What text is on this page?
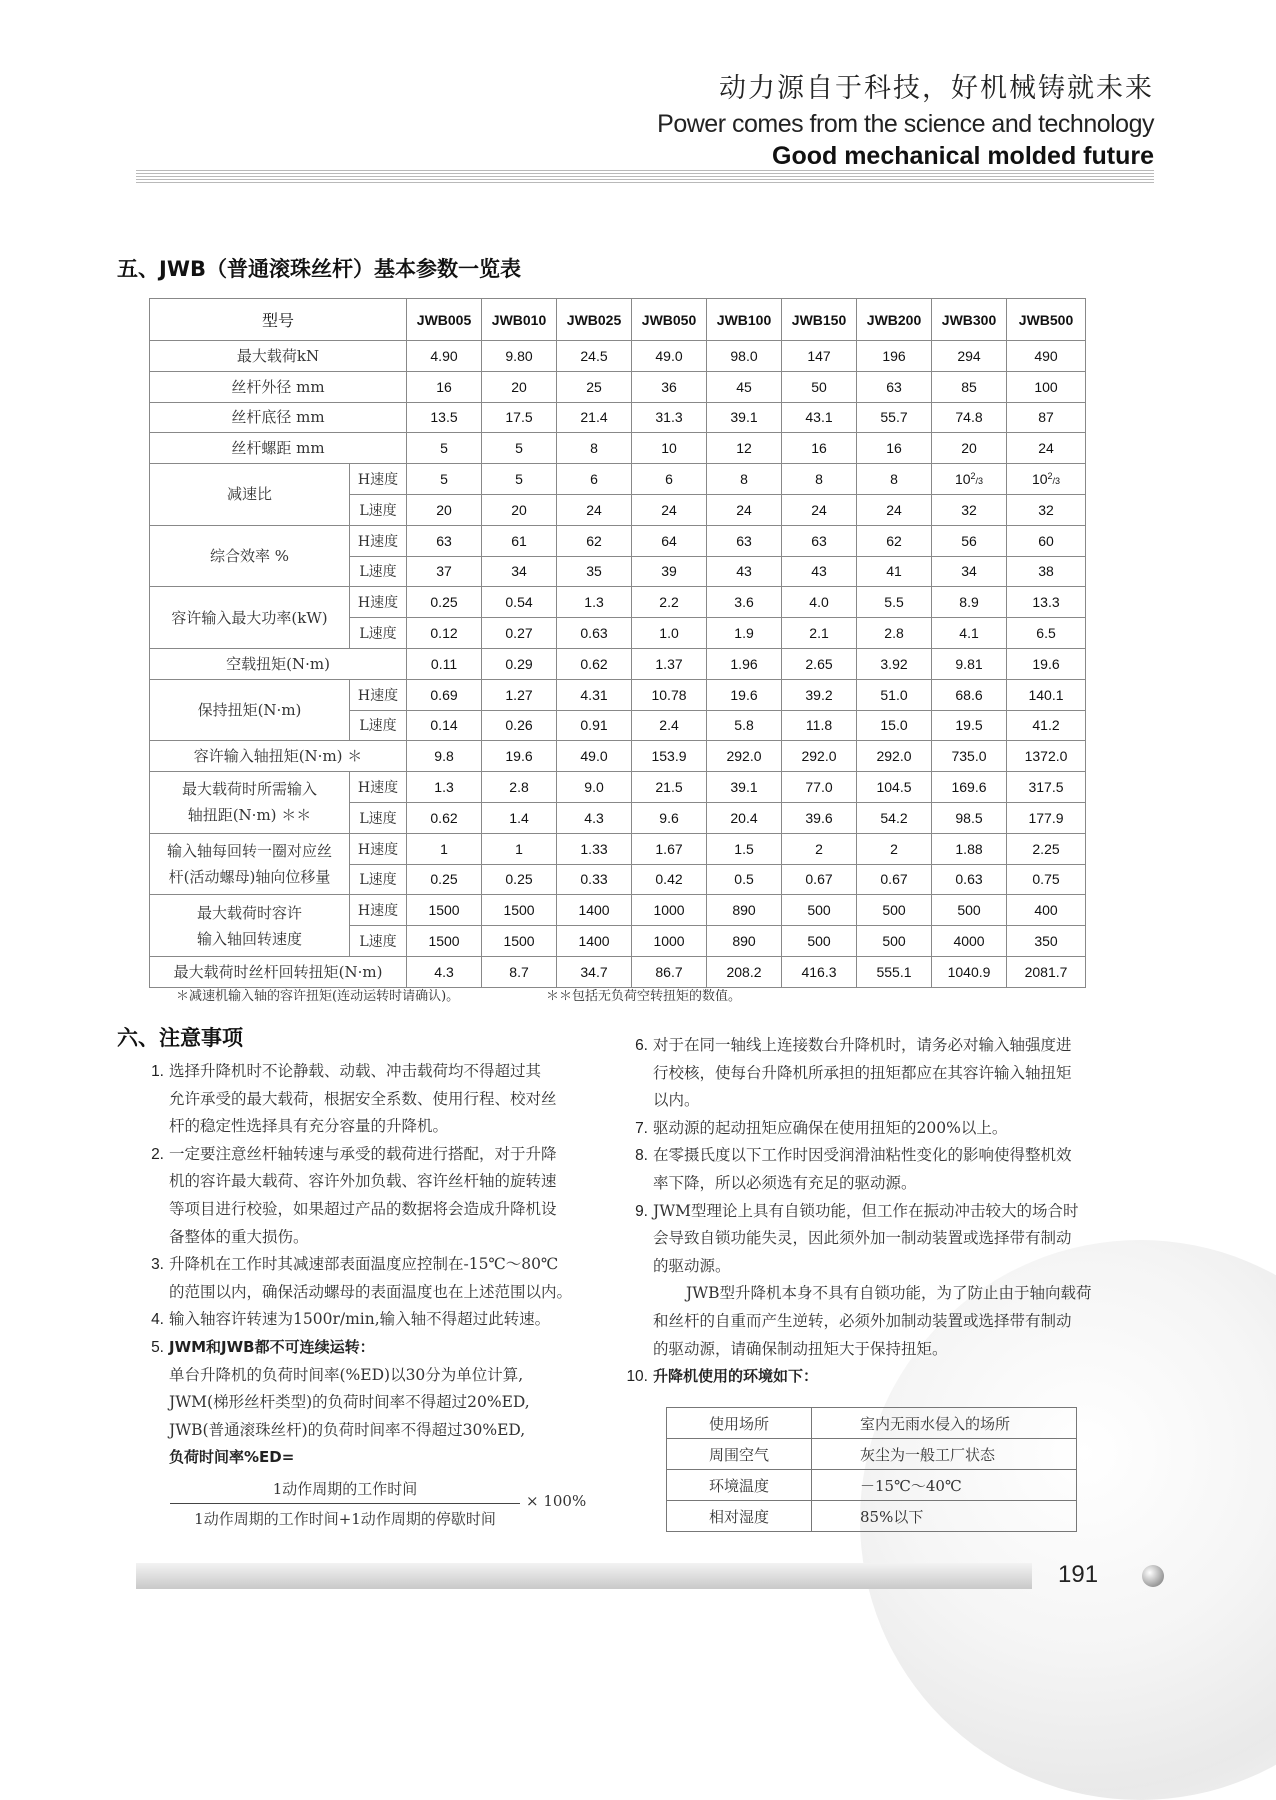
动力源自于科技，好机械铸就未来
Power comes from the science and technology
Good mechanical molded future
五、JWB（普通滚珠丝杆）基本参数一览表
型号		JWB005	JWB010	JWB025	JWB050	JWB100	JWB150	JWB200	JWB300	JWB500
最大载荷kN		4.90	9.80	24.5	49.0	98.0	147	196	294	490
丝杆外径 mm		16	20	25	36	45	50	63	85	100
丝杆底径 mm		13.5	17.5	21.4	31.3	39.1	43.1	55.7	74.8	87
丝杆螺距 mm		5	5	8	10	12	16	16	20	24
减速比	H速度	5	5	6	6	8	8	8	$10^2/3$	$10^2/3$
	L速度	20	20	24	24	24	24	24	32	32
综合效率 %	H速度	63	61	62	64	63	63	62	56	60
	L速度	37	34	35	39	43	43	41	34	38
容许输入最大功率(kW)	H速度	0.25	0.54	1.3	2.2	3.6	4.0	5.5	8.9	13.3
	L速度	0.12	0.27	0.63	1.0	1.9	2.1	2.8	4.1	6.5
空载扭矩(N·m)		0.11	0.29	0.62	1.37	1.96	2.65	3.92	9.81	19.6
保持扭矩(N·m)	H速度	0.69	1.27	4.31	10.78	19.6	39.2	51.0	68.6	140.1
	L速度	0.14	0.26	0.91	2.4	5.8	11.8	15.0	19.5	41.2
容许输入轴扭矩(N·m) ＊		9.8	19.6	49.0	153.9	292.0	292.0	292.0	735.0	1372.0

最大载荷时所需输入
轴扭距(N·m) ＊＊	H速度	1.3	2.8	9.0	21.5	39.1	77.0	104.5	169.6	317.5
	L速度	0.62	1.4	4.3	9.6	20.4	39.6	54.2	98.5	177.9

输入轴每回转一圈对应丝
杆(活动螺母)轴向位移量	H速度	1	1	1.33	1.67	1.5	2	2	1.88	2.25
	L速度	0.25	0.25	0.33	0.42	0.5	0.67	0.67	0.63	0.75

最大载荷时容许
输入轴回转速度	H速度	1500	1500	1400	1000	890	500	500	500	400
	L速度	1500	1500	1400	1000	890	500	500	4000	350
最大载荷时丝杆回转扭矩(N·m)		4.3	8.7	34.7	86.7	208.2	416.3	555.1	1040.9	2081.7
＊减速机输入轴的容许扭矩(连动运转时请确认)。	＊＊包括无负荷空转扭矩的数值。
六、注意事项
1. 选择升降机时不论静载、动载、冲击载荷均不得超过其
允许承受的最大载荷，根据安全系数、使用行程、校对丝
杆的稳定性选择具有充分容量的升降机。
2. 一定要注意丝杆轴转速与承受的载荷进行搭配，对于升降
机的容许最大载荷、容许外加负载、容许丝杆轴的旋转速
等项目进行校验，如果超过产品的数据将会造成升降机设
备整体的重大损伤。
3. 升降机在工作时其减速部表面温度应控制在-15℃～80℃
的范围以内，确保活动螺母的表面温度也在上述范围以内。
4. 输入轴容许转速为1500r/min,输入轴不得超过此转速。
5. JWM和JWB都不可连续运转：
单台升降机的负荷时间率(%ED)以30分为单位计算,
JWM(梯形丝杆类型)的负荷时间率不得超过20%ED,
JWB(普通滚珠丝杆)的负荷时间率不得超过30%ED,
负荷时间率%ED=
1动作周期的工作时间
1动作周期的工作时间+1动作周期的停歇时间
× 100%
6. 对于在同一轴线上连接数台升降机时，请务必对输入轴强度进
行校核，使每台升降机所承担的扭矩都应在其容许输入轴扭矩
以内。
7. 驱动源的起动扭矩应确保在使用扭矩的200%以上。
8. 在零摄氏度以下工作时因受润滑油粘性变化的影响使得整机效
率下降，所以必须选有充足的驱动源。
9. JWM型理论上具有自锁功能，但工作在振动冲击较大的场合时
会导致自锁功能失灵，因此须外加一制动装置或选择带有制动
的驱动源。
JWB型升降机本身不具有自锁功能，为了防止由于轴向载荷
和丝杆的自重而产生逆转，必须外加制动装置或选择带有制动
的驱动源，请确保制动扭矩大于保持扭矩。
10. 升降机使用的环境如下：
使用场所	室内无雨水侵入的场所
周围空气	灰尘为一般工厂状态
环境温度	－15℃～40℃
相对湿度	85%以下
191
